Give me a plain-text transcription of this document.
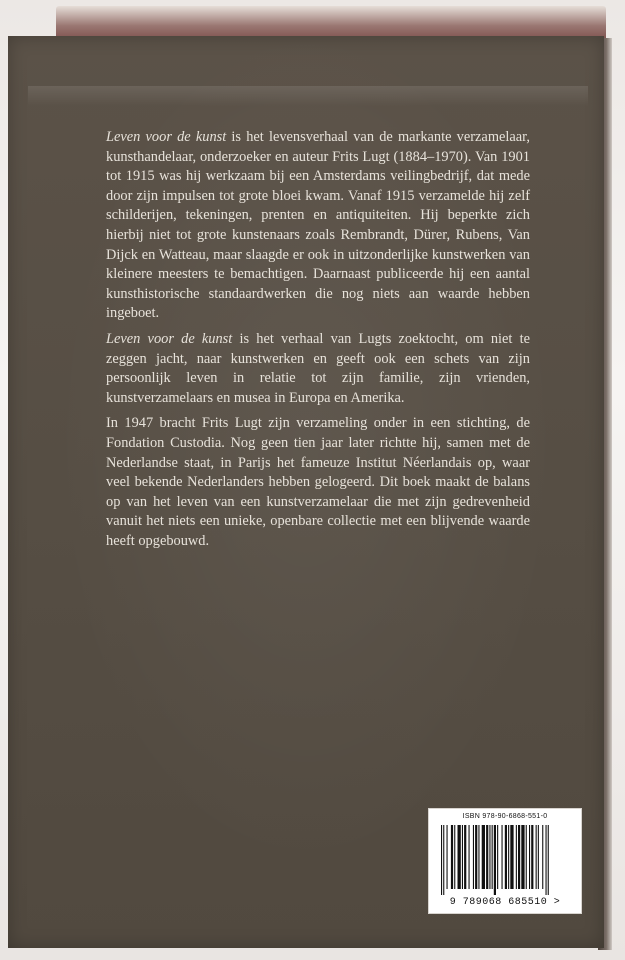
Leven voor de kunst is het levensverhaal van de markante verzamelaar, kunsthandelaar, onderzoeker en auteur Frits Lugt (1884–1970). Van 1901 tot 1915 was hij werkzaam bij een Amsterdams veilingbedrijf, dat mede door zijn impulsen tot grote bloei kwam. Vanaf 1915 verzamelde hij zelf schilderijen, tekeningen, prenten en antiquiteiten. Hij beperkte zich hierbij niet tot grote kunstenaars zoals Rembrandt, Dürer, Rubens, Van Dijck en Watteau, maar slaagde er ook in uitzonderlijke kunstwerken van kleinere meesters te bemachtigen. Daarnaast publiceerde hij een aantal kunsthistorische standaardwerken die nog niets aan waarde hebben ingeboet.

Leven voor de kunst is het verhaal van Lugts zoektocht, om niet te zeggen jacht, naar kunstwerken en geeft ook een schets van zijn persoonlijk leven in relatie tot zijn familie, zijn vrienden, kunstverzamelaars en musea in Europa en Amerika.

In 1947 bracht Frits Lugt zijn verzameling onder in een stichting, de Fondation Custodia. Nog geen tien jaar later richtte hij, samen met de Nederlandse staat, in Parijs het fameuze Institut Néerlandais op, waar veel bekende Nederlanders hebben gelogeerd. Dit boek maakt de balans op van het leven van een kunstverzamelaar die met zijn gedrevenheid vanuit het niets een unieke, openbare collectie met een blijvende waarde heeft opgebouwd.

ISBN 978-90-6868-551-0
9 789068 685510 >
